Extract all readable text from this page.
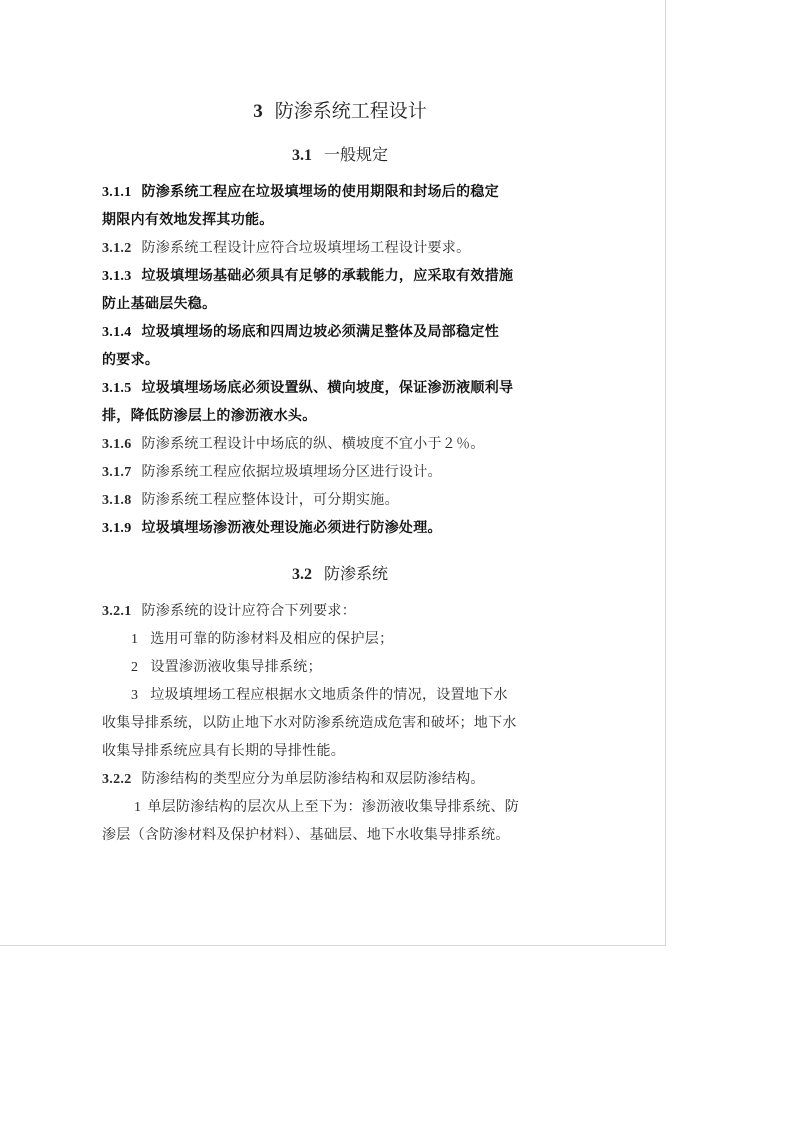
3 防渗系统工程设计
3.1 一般规定
3.1.1 防渗系统工程应在垃圾填埋场的使用期限和封场后的稳定
期限内有效地发挥其功能。
3.1.2 防渗系统工程设计应符合垃圾填埋场工程设计要求。
3.1.3 垃圾填埋场基础必须具有足够的承载能力，应采取有效措施
防止基础层失稳。
3.1.4 垃圾填埋场的场底和四周边坡必须满足整体及局部稳定性
的要求。
3.1.5 垃圾填埋场场底必须设置纵、横向坡度，保证渗沥液顺利导
排，降低防渗层上的渗沥液水头。
3.1.6 防渗系统工程设计中场底的纵、横坡度不宜小于２％。
3.1.7 防渗系统工程应依据垃圾填埋场分区进行设计。
3.1.8 防渗系统工程应整体设计，可分期实施。
3.1.9 垃圾填埋场渗沥液处理设施必须进行防渗处理。
3.2 防渗系统
3.2.1 防渗系统的设计应符合下列要求：
1 选用可靠的防渗材料及相应的保护层；
2 设置渗沥液收集导排系统；
3 垃圾填埋场工程应根据水文地质条件的情况，设置地下水
收集导排系统，以防止地下水对防渗系统造成危害和破坏；地下水
收集导排系统应具有长期的导排性能。
3.2.2 防渗结构的类型应分为单层防渗结构和双层防渗结构。
1 单层防渗结构的层次从上至下为：渗沥液收集导排系统、防
渗层（含防渗材料及保护材料）、基础层、地下水收集导排系统。
